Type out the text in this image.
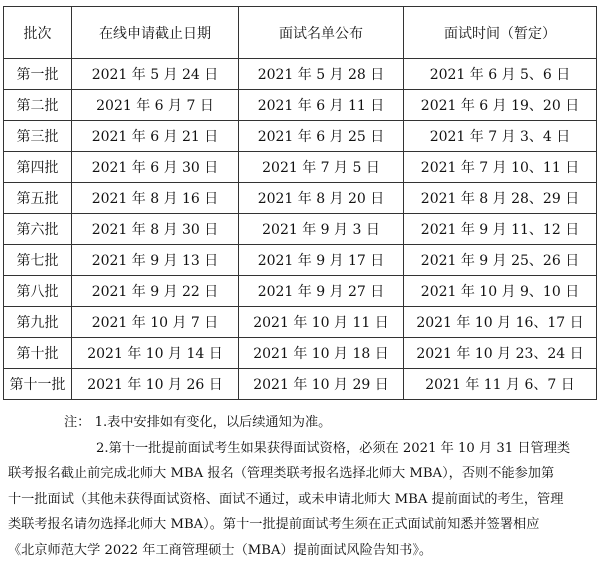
批次	在线申请截止日期	面试名单公布	面试时间（暂定）
第一批	2021 年 5 月 24 日	2021 年 5 月 28 日	2021 年 6 月 5、6 日
第二批	2021 年 6 月 7 日	2021 年 6 月 11 日	2021 年 6 月 19、20 日
第三批	2021 年 6 月 21 日	2021 年 6 月 25 日	2021 年 7 月 3、4 日
第四批	2021 年 6 月 30 日	2021 年 7 月 5 日	2021 年 7 月 10、11 日
第五批	2021 年 8 月 16 日	2021 年 8 月 20 日	2021 年 8 月 28、29 日
第六批	2021 年 8 月 30 日	2021 年 9 月 3 日	2021 年 9 月 11、12 日
第七批	2021 年 9 月 13 日	2021 年 9 月 17 日	2021 年 9 月 25、26 日
第八批	2021 年 9 月 22 日	2021 年 9 月 27 日	2021 年 10 月 9、10 日
第九批	2021 年 10 月 7 日	2021 年 10 月 11 日	2021 年 10 月 16、17 日
第十批	2021 年 10 月 14 日	2021 年 10 月 18 日	2021 年 10 月 23、24 日
第十一批	2021 年 10 月 26 日	2021 年 10 月 29 日	2021 年 11 月 6、7 日

注： 1.表中安排如有变化，以后续通知为准。

2.第十一批提前面试考生如果获得面试资格，必须在 2021 年 10 月 31 日管理类

联考报名截止前完成北师大 MBA 报名（管理类联考报名选择北师大 MBA），否则不能参加第

十一批面试（其他未获得面试资格、面试不通过，或未申请北师大 MBA 提前面试的考生，管理

类联考报名请勿选择北师大 MBA）。第十一批提前面试考生须在正式面试前知悉并签署相应

《北京师范大学 2022 年工商管理硕士（MBA）提前面试风险告知书》。
